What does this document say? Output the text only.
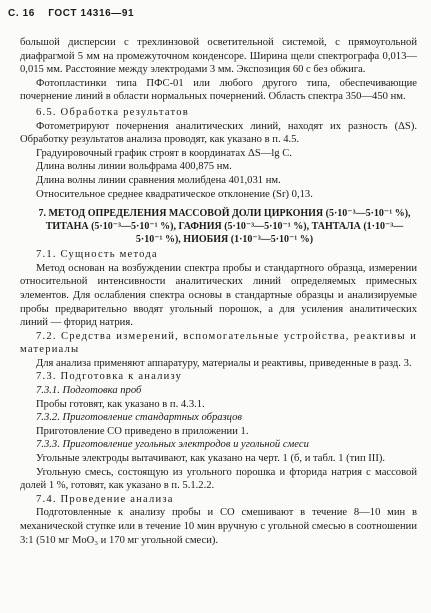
С. 16 ГОСТ 14316—91

большой дисперсии с трехлинзовой осветительной системой, с прямоугольной диафрагмой 5 мм на промежуточном конденсоре. Ширина щели спектрографа 0,013—0,015 мм. Расстояние между электродами 3 мм. Экспозиция 60 с без обжига.

Фотопластинки типа ПФС-01 или любого другого типа, обеспечивающие почернение линий в области нормальных почернений. Область спектра 350—450 нм.

6.5. Обработка результатов

Фотометрируют почернения аналитических линий, находят их разность (ΔS). Обработку результатов анализа проводят, как указано в п. 4.5.

Градуировочный график строят в координатах ΔS—lg C.

Длина волны линии вольфрама 400,875 нм.

Длина волны линии сравнения молибдена 401,031 нм.

Относительное среднее квадратическое отклонение (Sr) 0,13.

7. МЕТОД ОПРЕДЕЛЕНИЯ МАССОВОЙ ДОЛИ ЦИРКОНИЯ (5·10⁻³—5·10⁻¹ %), ТИТАНА (5·10⁻³—5·10⁻¹ %), ГАФНИЯ (5·10⁻³—5·10⁻¹ %), ТАНТАЛА (1·10⁻³—5·10⁻¹ %), НИОБИЯ (1·10⁻³—5·10⁻¹ %)

7.1. Сущность метода

Метод основан на возбуждении спектра пробы и стандартного образца, измерении относительной интенсивности аналитических линий определяемых примесных элементов. Для ослабления спектра основы в стандартные образцы и анализируемые пробы предварительно вводят угольный порошок, а для усиления аналитических линий — фторид натрия.

7.2. Средства измерений, вспомогательные устройства, реактивы и материалы

Для анализа применяют аппаратуру, материалы и реактивы, приведенные в разд. 3.

7.3. Подготовка к анализу

7.3.1. Подготовка проб

Пробы готовят, как указано в п. 4.3.1.

7.3.2. Приготовление стандартных образцов

Приготовление СО приведено в приложении 1.

7.3.3. Приготовление угольных электродов и угольной смеси

Угольные электроды вытачивают, как указано на черт. 1 (б, и табл. 1 (тип III).

Угольную смесь, состоящую из угольного порошка и фторида натрия с массовой долей 1 %, готовят, как указано в п. 5.1.2.2.

7.4. Проведение анализа

Подготовленные к анализу пробы и СО смешивают в течение 8—10 мин в механической ступке или в течение 10 мин вручную с угольной смесью в соотношении 3:1 (510 мг MoO₃ и 170 мг угольной смеси).
